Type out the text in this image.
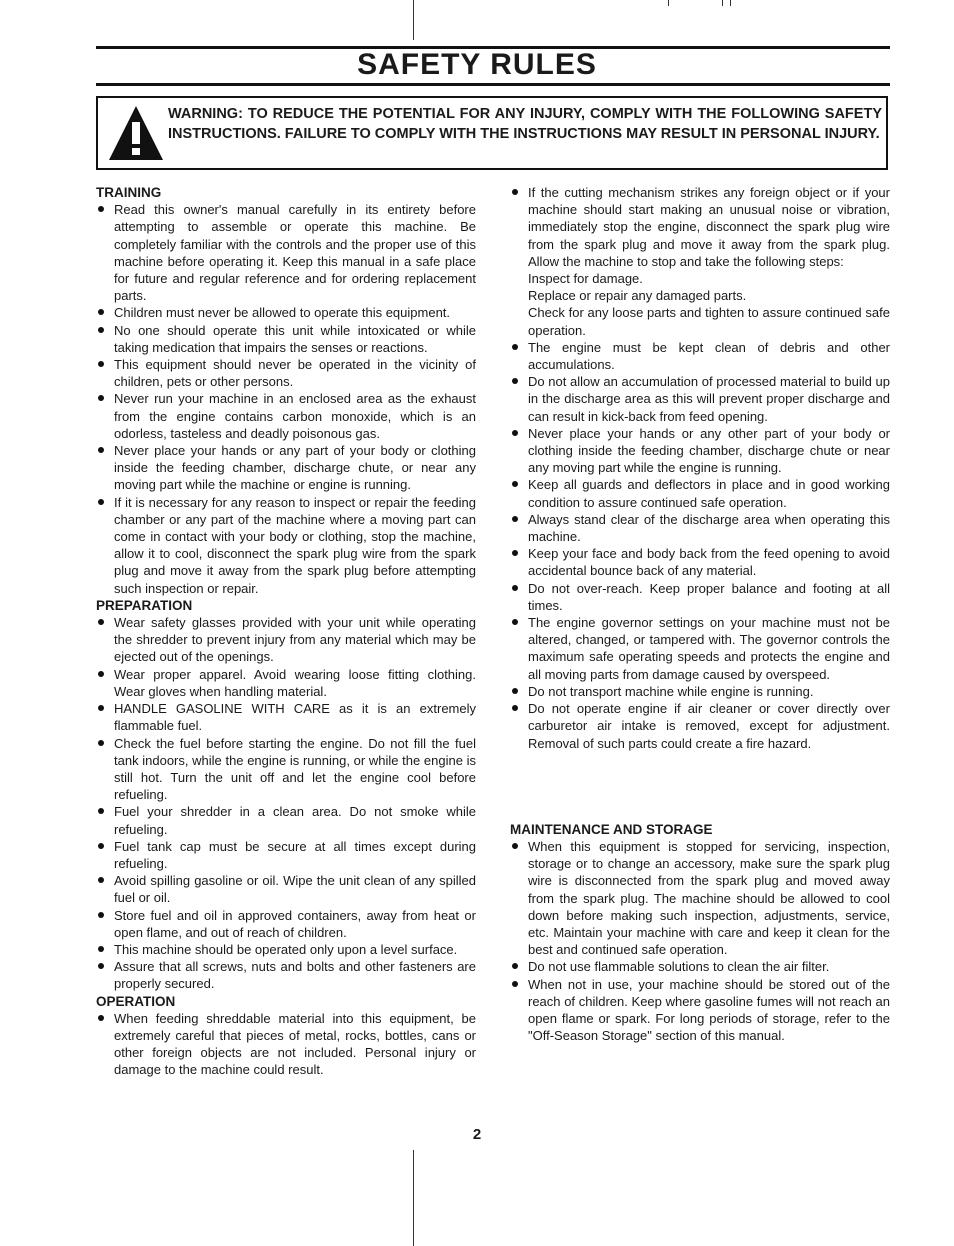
SAFETY RULES
WARNING: TO REDUCE THE POTENTIAL FOR ANY INJURY, COMPLY WITH THE FOLLOWING SAFETY INSTRUCTIONS. FAILURE TO COMPLY WITH THE INSTRUCTIONS MAY RESULT IN PERSONAL INJURY.
TRAINING
Read this owner's manual carefully in its entirety before attempting to assemble or operate this machine. Be completely familiar with the controls and the proper use of this machine before operating it. Keep this manual in a safe place for future and regular reference and for ordering replacement parts.
Children must never be allowed to operate this equipment.
No one should operate this unit while intoxicated or while taking medication that impairs the senses or reactions.
This equipment should never be operated in the vicinity of children, pets or other persons.
Never run your machine in an enclosed area as the exhaust from the engine contains carbon monoxide, which is an odorless, tasteless and deadly poisonous gas.
Never place your hands or any part of your body or clothing inside the feeding chamber, discharge chute, or near any moving part while the machine or engine is running.
If it is necessary for any reason to inspect or repair the feeding chamber or any part of the machine where a moving part can come in contact with your body or clothing, stop the machine, allow it to cool, disconnect the spark plug wire from the spark plug and move it away from the spark plug before attempting such inspection or repair.
PREPARATION
Wear safety glasses provided with your unit while operating the shredder to prevent injury from any material which may be ejected out of the openings.
Wear proper apparel. Avoid wearing loose fitting clothing. Wear gloves when handling material.
HANDLE GASOLINE WITH CARE as it is an extremely flammable fuel.
Check the fuel before starting the engine. Do not fill the fuel tank indoors, while the engine is running, or while the engine is still hot. Turn the unit off and let the engine cool before refueling.
Fuel your shredder in a clean area. Do not smoke while refueling.
Fuel tank cap must be secure at all times except during refueling.
Avoid spilling gasoline or oil. Wipe the unit clean of any spilled fuel or oil.
Store fuel and oil in approved containers, away from heat or open flame, and out of reach of children.
This machine should be operated only upon a level surface.
Assure that all screws, nuts and bolts and other fasteners are properly secured.
OPERATION
When feeding shreddable material into this equipment, be extremely careful that pieces of metal, rocks, bottles, cans or other foreign objects are not included. Personal injury or damage to the machine could result.
If the cutting mechanism strikes any foreign object or if your machine should start making an unusual noise or vibration, immediately stop the engine, disconnect the spark plug wire from the spark plug and move it away from the spark plug. Allow the machine to stop and take the following steps:
Inspect for damage.
Replace or repair any damaged parts.
Check for any loose parts and tighten to assure continued safe operation.
The engine must be kept clean of debris and other accumulations.
Do not allow an accumulation of processed material to build up in the discharge area as this will prevent proper discharge and can result in kick-back from feed opening.
Never place your hands or any other part of your body or clothing inside the feeding chamber, discharge chute or near any moving part while the engine is running.
Keep all guards and deflectors in place and in good working condition to assure continued safe operation.
Always stand clear of the discharge area when operating this machine.
Keep your face and body back from the feed opening to avoid accidental bounce back of any material.
Do not over-reach. Keep proper balance and footing at all times.
The engine governor settings on your machine must not be altered, changed, or tampered with. The governor controls the maximum safe operating speeds and protects the engine and all moving parts from damage caused by overspeed.
Do not transport machine while engine is running.
Do not operate engine if air cleaner or cover directly over carburetor air intake is removed, except for adjustment. Removal of such parts could create a fire hazard.
MAINTENANCE AND STORAGE
When this equipment is stopped for servicing, inspection, storage or to change an accessory, make sure the spark plug wire is disconnected from the spark plug and moved away from the spark plug. The machine should be allowed to cool down before making such inspection, adjustments, service, etc. Maintain your machine with care and keep it clean for the best and continued safe operation.
Do not use flammable solutions to clean the air filter.
When not in use, your machine should be stored out of the reach of children. Keep where gasoline fumes will not reach an open flame or spark. For long periods of storage, refer to the "Off-Season Storage" section of this manual.
2
